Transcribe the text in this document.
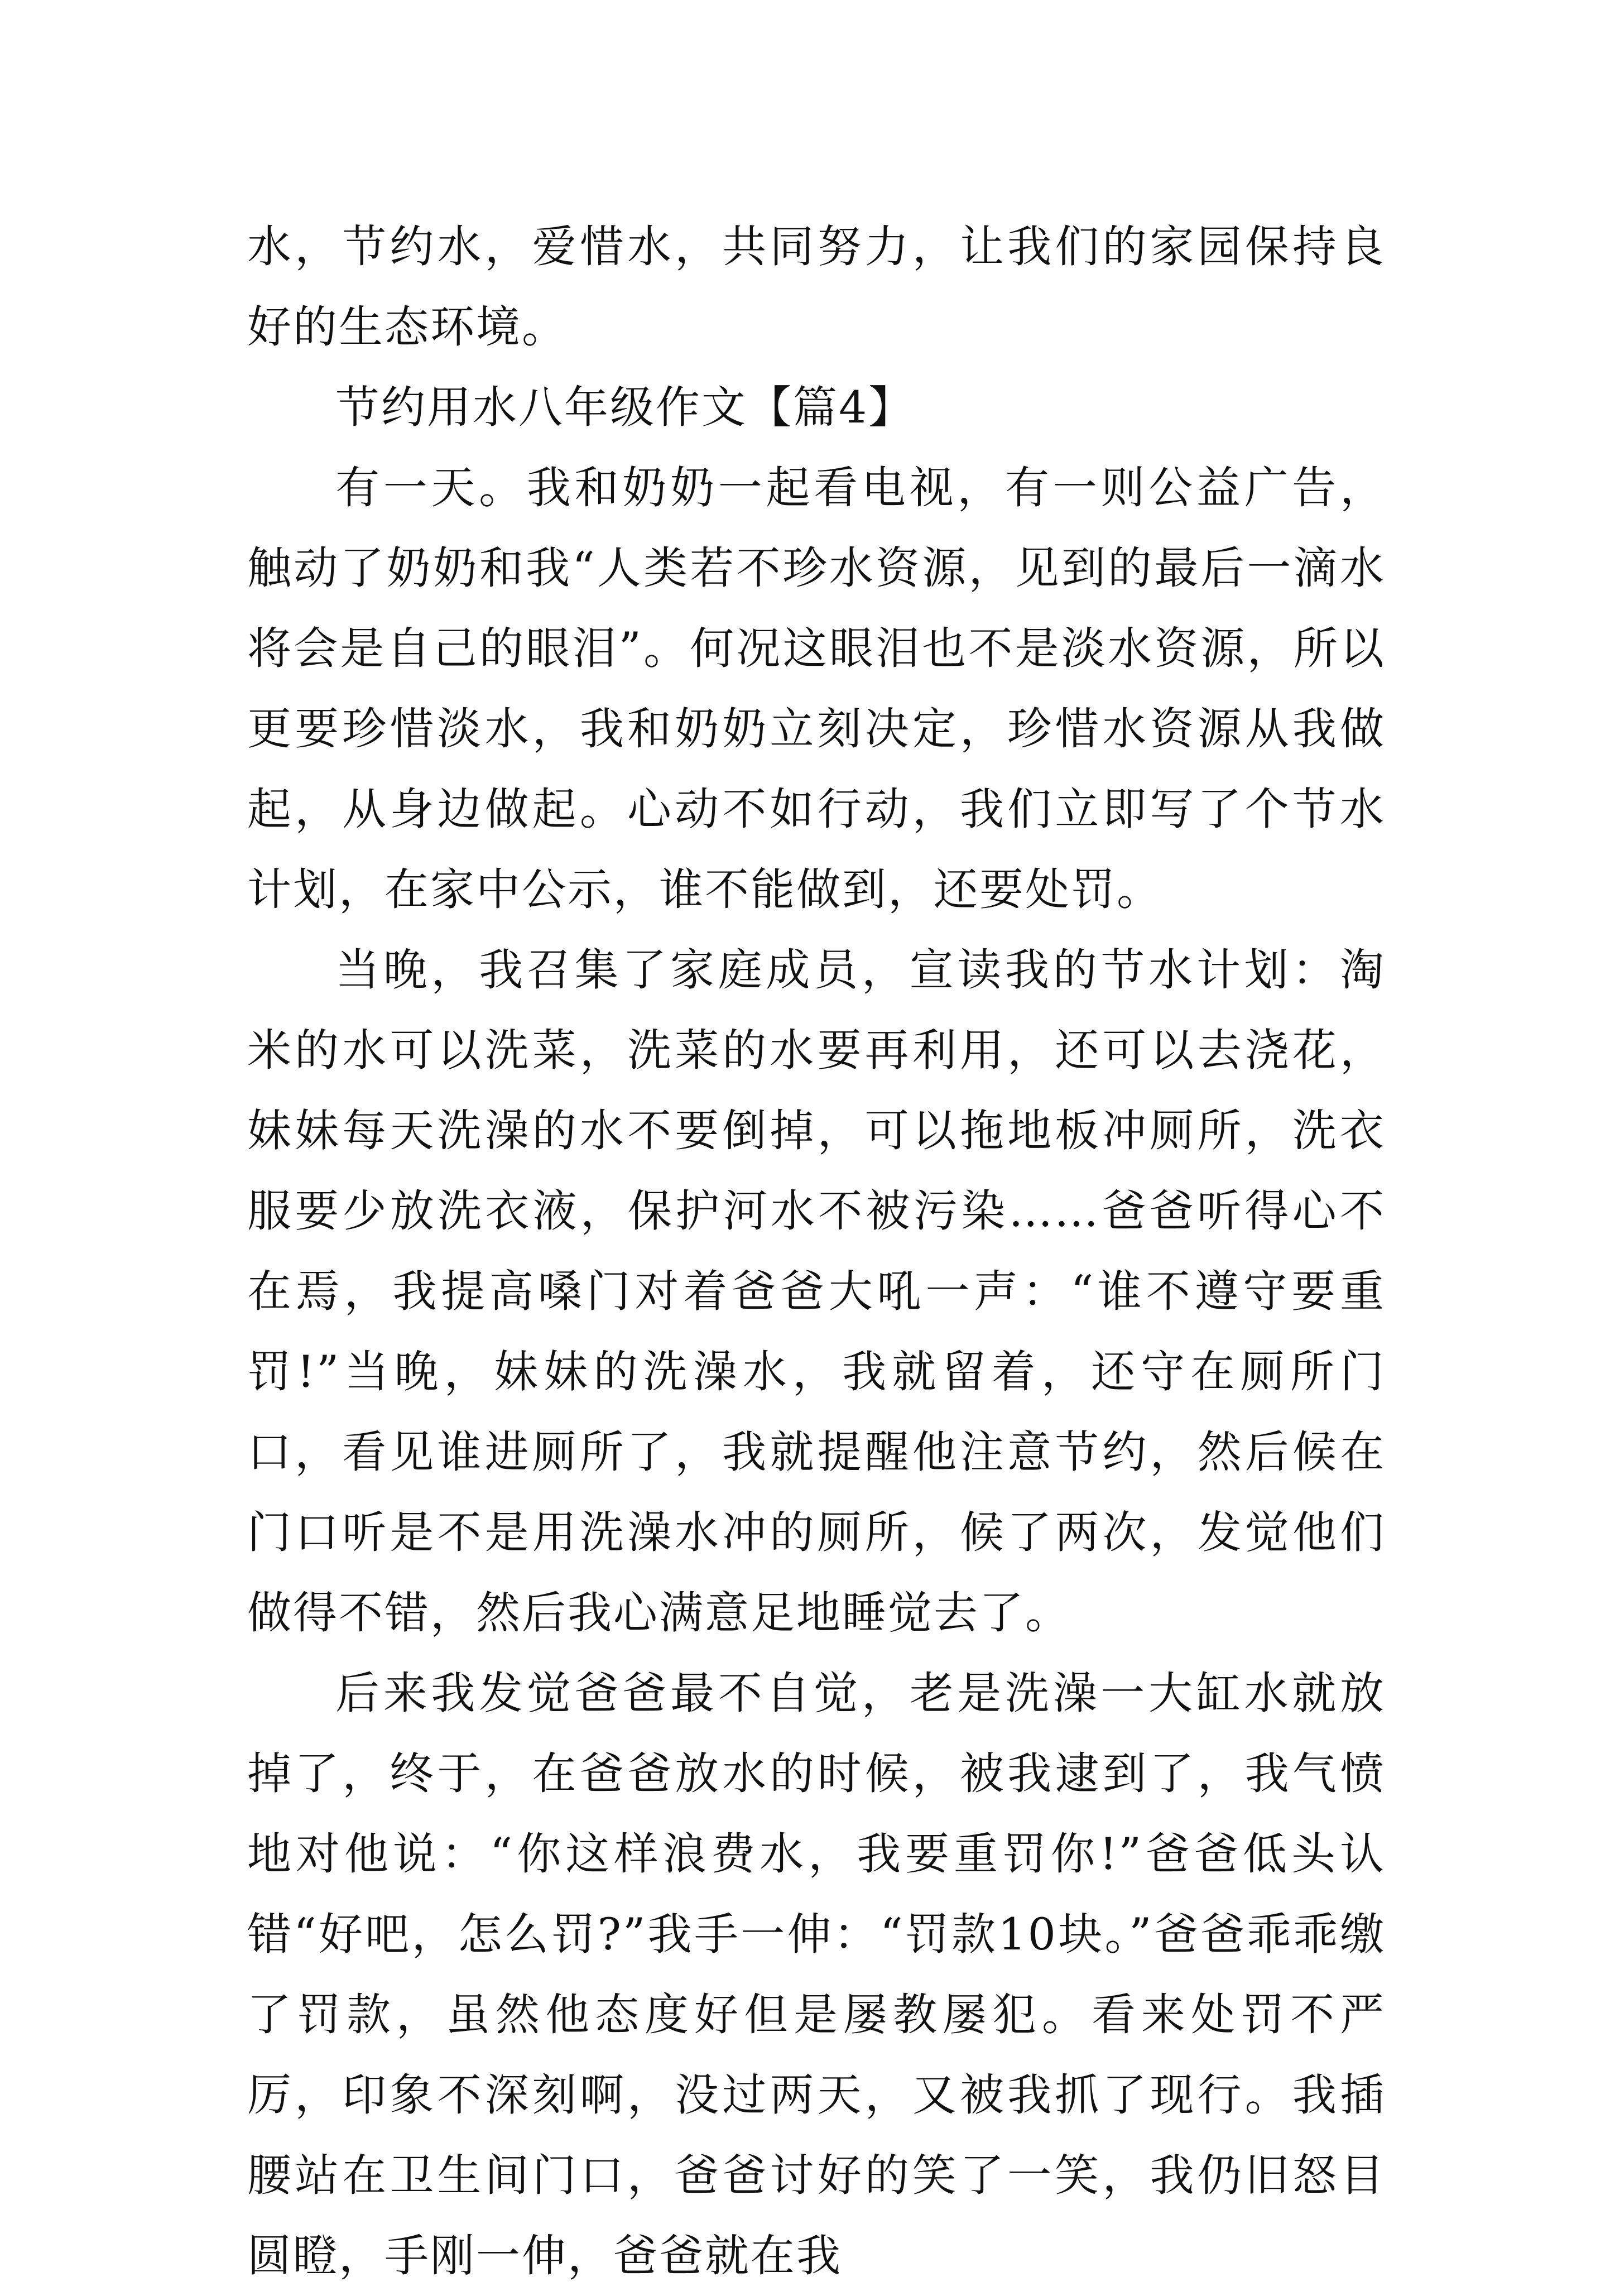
水，节约水，爱惜水，共同努力，让我们的家园保持良好的生态环境。

节约用水八年级作文【篇4】

有一天。我和奶奶一起看电视，有一则公益广告，触动了奶奶和我“人类若不珍水资源，见到的最后一滴水将会是自己的眼泪”。何况这眼泪也不是淡水资源，所以更要珍惜淡水，我和奶奶立刻决定，珍惜水资源从我做起，从身边做起。心动不如行动，我们立即写了个节水计划，在家中公示，谁不能做到，还要处罚。

当晚，我召集了家庭成员，宣读我的节水计划：淘米的水可以洗菜，洗菜的水要再利用，还可以去浇花，妹妹每天洗澡的水不要倒掉，可以拖地板冲厕所，洗衣服要少放洗衣液，保护河水不被污染……爸爸听得心不在焉，我提高嗓门对着爸爸大吼一声：“谁不遵守要重罚!”当晚，妹妹的洗澡水，我就留着，还守在厕所门口，看见谁进厕所了，我就提醒他注意节约，然后候在门口听是不是用洗澡水冲的厕所，候了两次，发觉他们做得不错，然后我心满意足地睡觉去了。

后来我发觉爸爸最不自觉，老是洗澡一大缸水就放掉了，终于，在爸爸放水的时候，被我逮到了，我气愤地对他说：“你这样浪费水，我要重罚你!”爸爸低头认错“好吧，怎么罚?”我手一伸：“罚款10块。”爸爸乖乖缴了罚款，虽然他态度好但是屡教屡犯。看来处罚不严厉，印象不深刻啊，没过两天，又被我抓了现行。我插腰站在卫生间门口，爸爸讨好的笑了一笑，我仍旧怒目圆瞪，手刚一伸，爸爸就在我
